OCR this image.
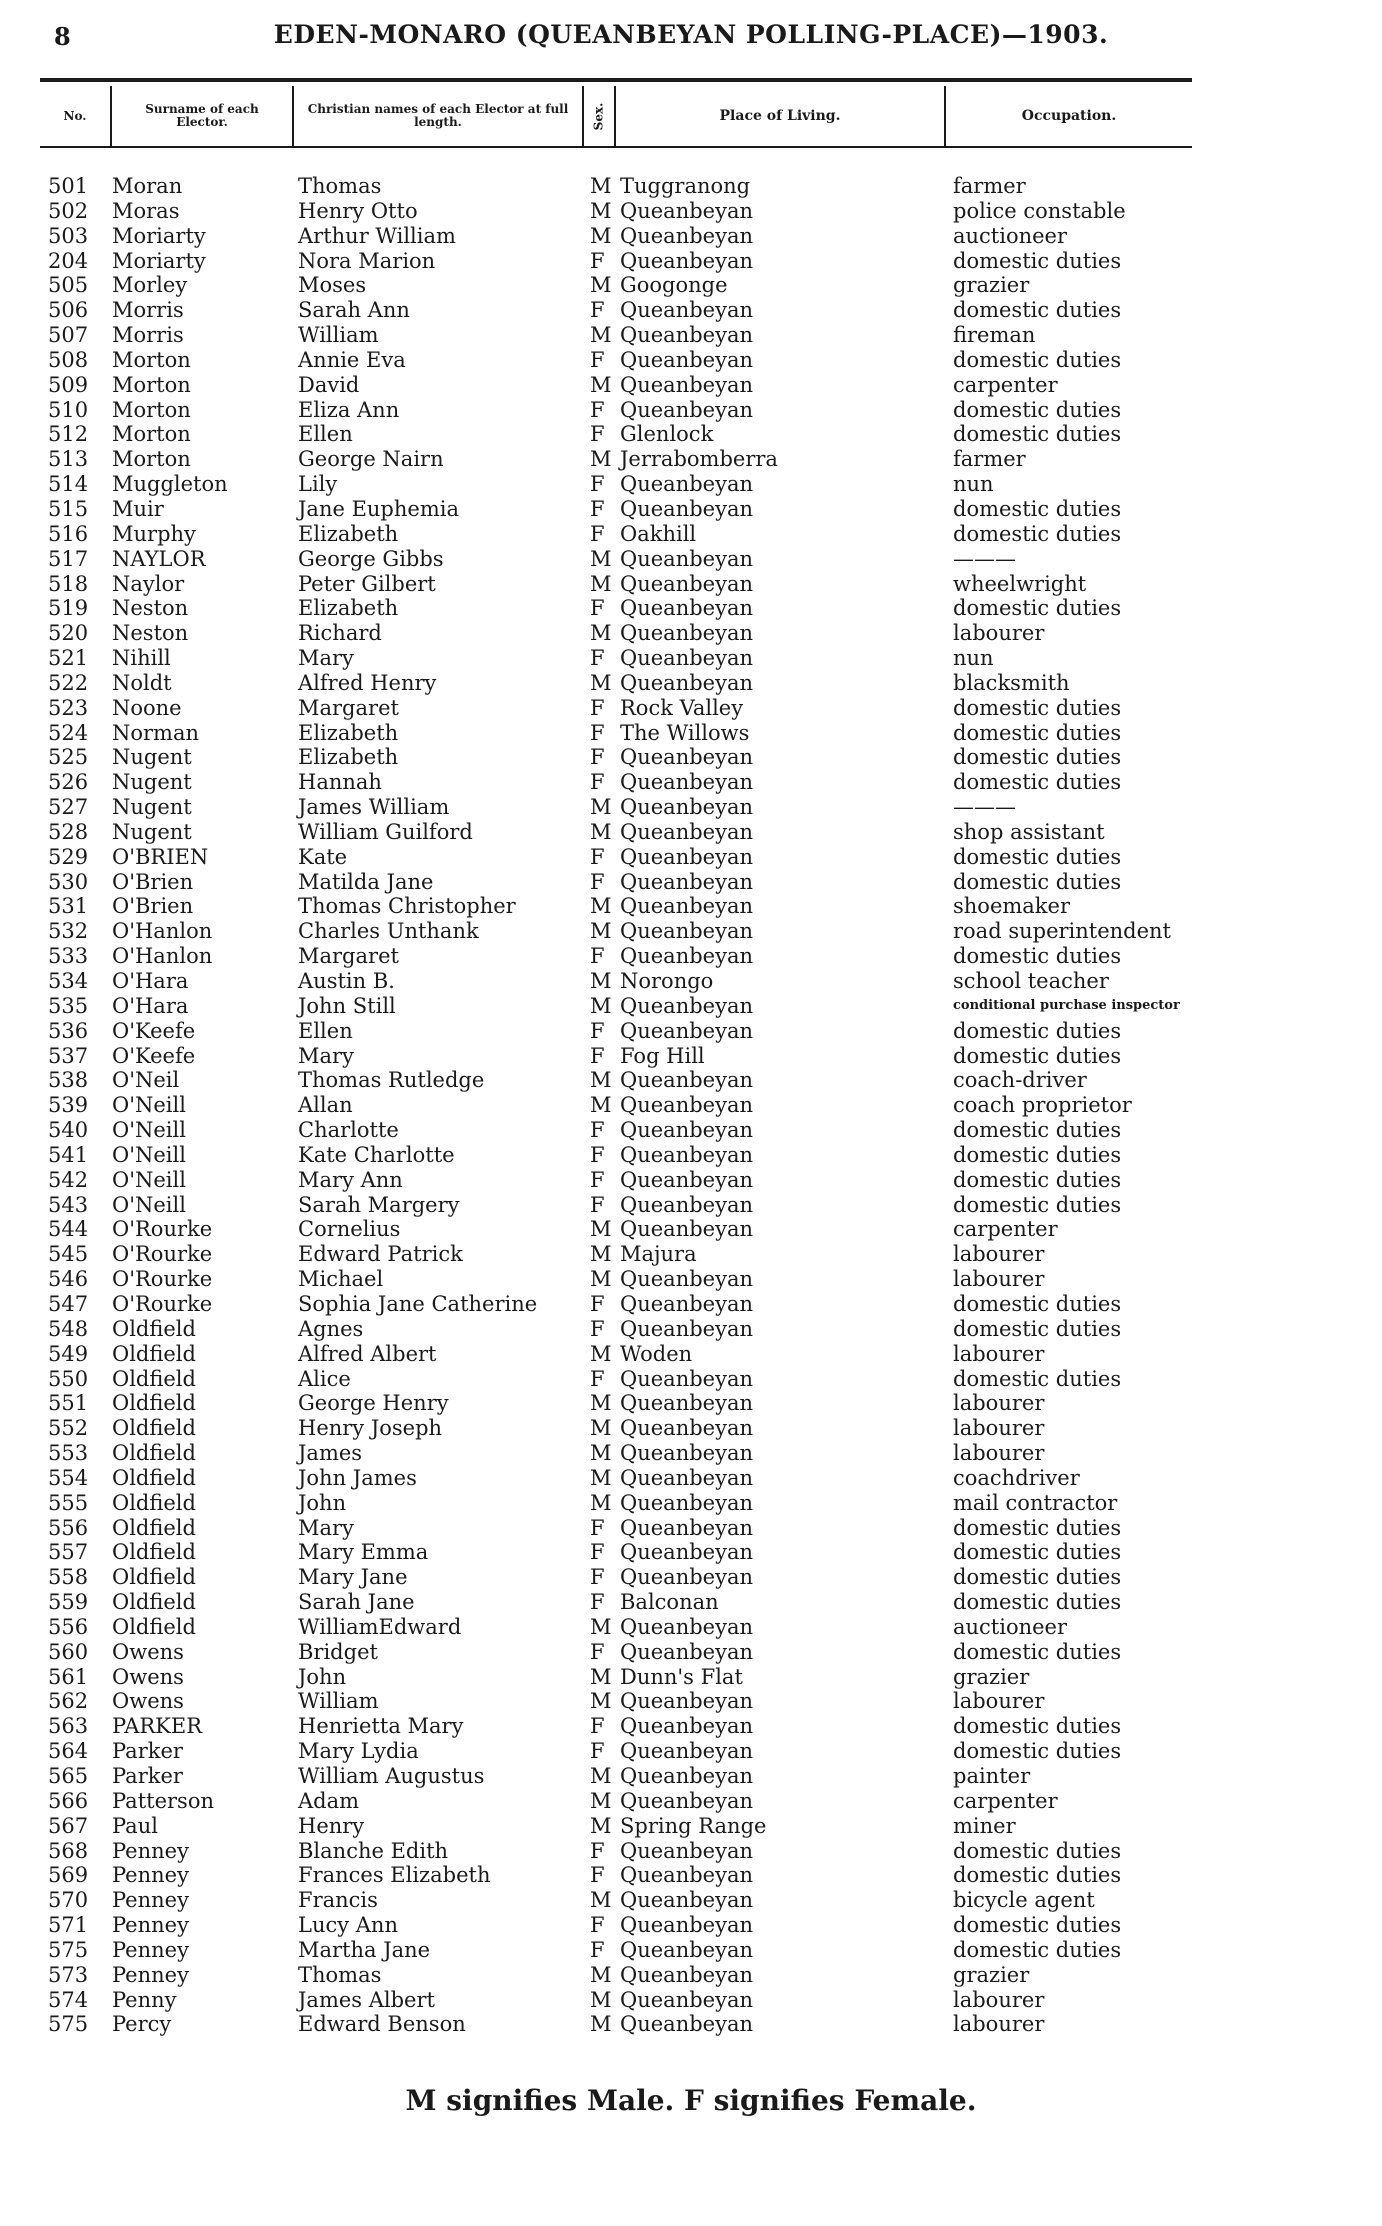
8	EDEN-MONARO (QUEANBEYAN POLLING-PLACE)—1903.
No.	Surname of each Elector.
Christian names of each Elector at full length.	Sex.	Place of Living.	Occupation.
501 Moran	Thomas	M Tuggranong	farmer
502 Moras	Henry Otto	M Queanbeyan	police constable
503 Moriarty	Arthur William	M Queanbeyan	auctioneer
204 Moriarty	Nora Marion	F Queanbeyan	domestic duties
505 Morley	Moses	M Googonge	grazier
506 Morris	Sarah Ann	F Queanbeyan	domestic duties
507 Morris	William	M Queanbeyan	fireman
508 Morton	Annie Eva	F Queanbeyan	domestic duties
509 Morton	David	M Queanbeyan	carpenter
510 Morton	Eliza Ann	F Queanbeyan	domestic duties
512 Morton	Ellen	F Glenlock	domestic duties
513 Morton	George Nairn	M Jerrabomberra	farmer
514 Muggleton	Lily	F Queanbeyan	nun
515 Muir	Jane Euphemia	F Queanbeyan	domestic duties
516 Murphy	Elizabeth	F Oakhill	domestic duties
517 NAYLOR	George Gibbs	M Queanbeyan	———
518 Naylor	Peter Gilbert	M Queanbeyan	wheelwright
519 Neston	Elizabeth	F Queanbeyan	domestic duties
520 Neston	Richard	M Queanbeyan	labourer
521 Nihill	Mary	F Queanbeyan	nun
522 Noldt	Alfred Henry	M Queanbeyan	blacksmith
523 Noone	Margaret	F Rock Valley	domestic duties
524 Norman	Elizabeth	F The Willows	domestic duties
525 Nugent	Elizabeth	F Queanbeyan	domestic duties
526 Nugent	Hannah	F Queanbeyan	domestic duties
527 Nugent	James William	M Queanbeyan	———
528 Nugent	William Guilford	M Queanbeyan	shop assistant
529 O'BRIEN	Kate	F Queanbeyan	domestic duties
530 O'Brien	Matilda Jane	F Queanbeyan	domestic duties
531 O'Brien	Thomas Christopher	M Queanbeyan	shoemaker
532 O'Hanlon	Charles Unthank	M Queanbeyan	road superintendent
533 O'Hanlon	Margaret	F Queanbeyan	domestic duties
534 O'Hara	Austin B.	M Norongo	school teacher
535 O'Hara	John Still	M Queanbeyan	conditional purchase inspector
536 O'Keefe	Ellen	F Queanbeyan	domestic duties
537 O'Keefe	Mary	F Fog Hill	domestic duties
538 O'Neil	Thomas Rutledge	M Queanbeyan	coach-driver
539 O'Neill	Allan	M Queanbeyan	coach proprietor
540 O'Neill	Charlotte	F Queanbeyan	domestic duties
541 O'Neill	Kate Charlotte	F Queanbeyan	domestic duties
542 O'Neill	Mary Ann	F Queanbeyan	domestic duties
543 O'Neill	Sarah Margery	F Queanbeyan	domestic duties
544 O'Rourke	Cornelius	M Queanbeyan	carpenter
545 O'Rourke	Edward Patrick	M Majura	labourer
546 O'Rourke	Michael	M Queanbeyan	labourer
547 O'Rourke	Sophia Jane Catherine	F Queanbeyan	domestic duties
548 Oldfield	Agnes	F Queanbeyan	domestic duties
549 Oldfield	Alfred Albert	M Woden	labourer
550 Oldfield	Alice	F Queanbeyan	domestic duties
551 Oldfield	George Henry	M Queanbeyan	labourer
552 Oldfield	Henry Joseph	M Queanbeyan	labourer
553 Oldfield	James	M Queanbeyan	labourer
554 Oldfield	John James	M Queanbeyan	coachdriver
555 Oldfield	John	M Queanbeyan	mail contractor
556 Oldfield	Mary	F Queanbeyan	domestic duties
557 Oldfield	Mary Emma	F Queanbeyan	domestic duties
558 Oldfield	Mary Jane	F Queanbeyan	domestic duties
559 Oldfield	Sarah Jane	F Balconan	domestic duties
556 Oldfield	WilliamEdward	M Queanbeyan	auctioneer
560 Owens	Bridget	F Queanbeyan	domestic duties
561 Owens	John	M Dunn's Flat	grazier
562 Owens	William	M Queanbeyan	labourer
563 PARKER	Henrietta Mary	F Queanbeyan	domestic duties
564 Parker	Mary Lydia	F Queanbeyan	domestic duties
565 Parker	William Augustus	M Queanbeyan	painter
566 Patterson	Adam	M Queanbeyan	carpenter
567 Paul	Henry	M Spring Range	miner
568 Penney	Blanche Edith	F Queanbeyan	domestic duties
569 Penney	Frances Elizabeth	F Queanbeyan	domestic duties
570 Penney	Francis	M Queanbeyan	bicycle agent
571 Penney	Lucy Ann	F Queanbeyan	domestic duties
575 Penney	Martha Jane	F Queanbeyan	domestic duties
573 Penney	Thomas	M Queanbeyan	grazier
574 Penny	James Albert	M Queanbeyan	labourer
575 Percy	Edward Benson	M Queanbeyan	labourer
M signifies Male. F signifies Female.
